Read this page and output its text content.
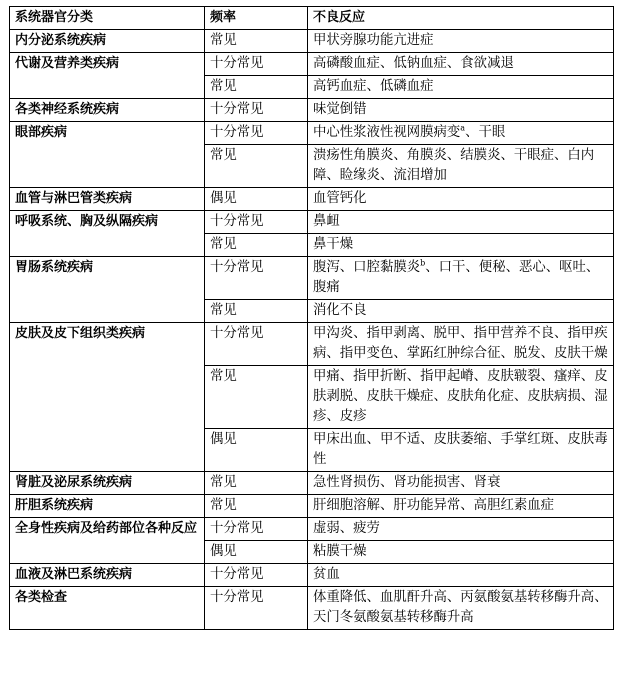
系统器官分类	频率	不良反应
内分泌系统疾病	常见	甲状旁腺功能亢进症
代谢及营养类疾病	十分常见	高磷酸血症、低钠血症、食欲减退
	常见	高钙血症、低磷血症
各类神经系统疾病	十分常见	味觉倒错
眼部疾病	十分常见	中心性浆液性视网膜病变$^a$、干眼
	常见	溃疡性角膜炎、角膜炎、结膜炎、干眼症、白内障、睑缘炎、流泪增加
血管与淋巴管类疾病	偶见	血管钙化
呼吸系统、胸及纵隔疾病	十分常见	鼻衄
	常见	鼻干燥
胃肠系统疾病	十分常见	腹泻、口腔黏膜炎$^b$、口干、便秘、恶心、呕吐、腹痛
	常见	消化不良
皮肤及皮下组织类疾病	十分常见	甲沟炎、指甲剥离、脱甲、指甲营养不良、指甲疾病、指甲变色、掌跖红肿综合征、脱发、皮肤干燥
	常见	甲痛、指甲折断、指甲起嵴、皮肤皲裂、瘙痒、皮肤剥脱、皮肤干燥症、皮肤角化症、皮肤病损、湿疹、皮疹
	偶见	甲床出血、甲不适、皮肤萎缩、手掌红斑、皮肤毒性
肾脏及泌尿系统疾病	常见	急性肾损伤、肾功能损害、肾衰
肝胆系统疾病	常见	肝细胞溶解、肝功能异常、高胆红素血症
全身性疾病及给药部位各种反应	十分常见	虚弱、疲劳
	偶见	粘膜干燥
血液及淋巴系统疾病	十分常见	贫血
各类检查	十分常见	体重降低、血肌酐升高、丙氨酸氨基转移酶升高、天门冬氨酸氨基转移酶升高
